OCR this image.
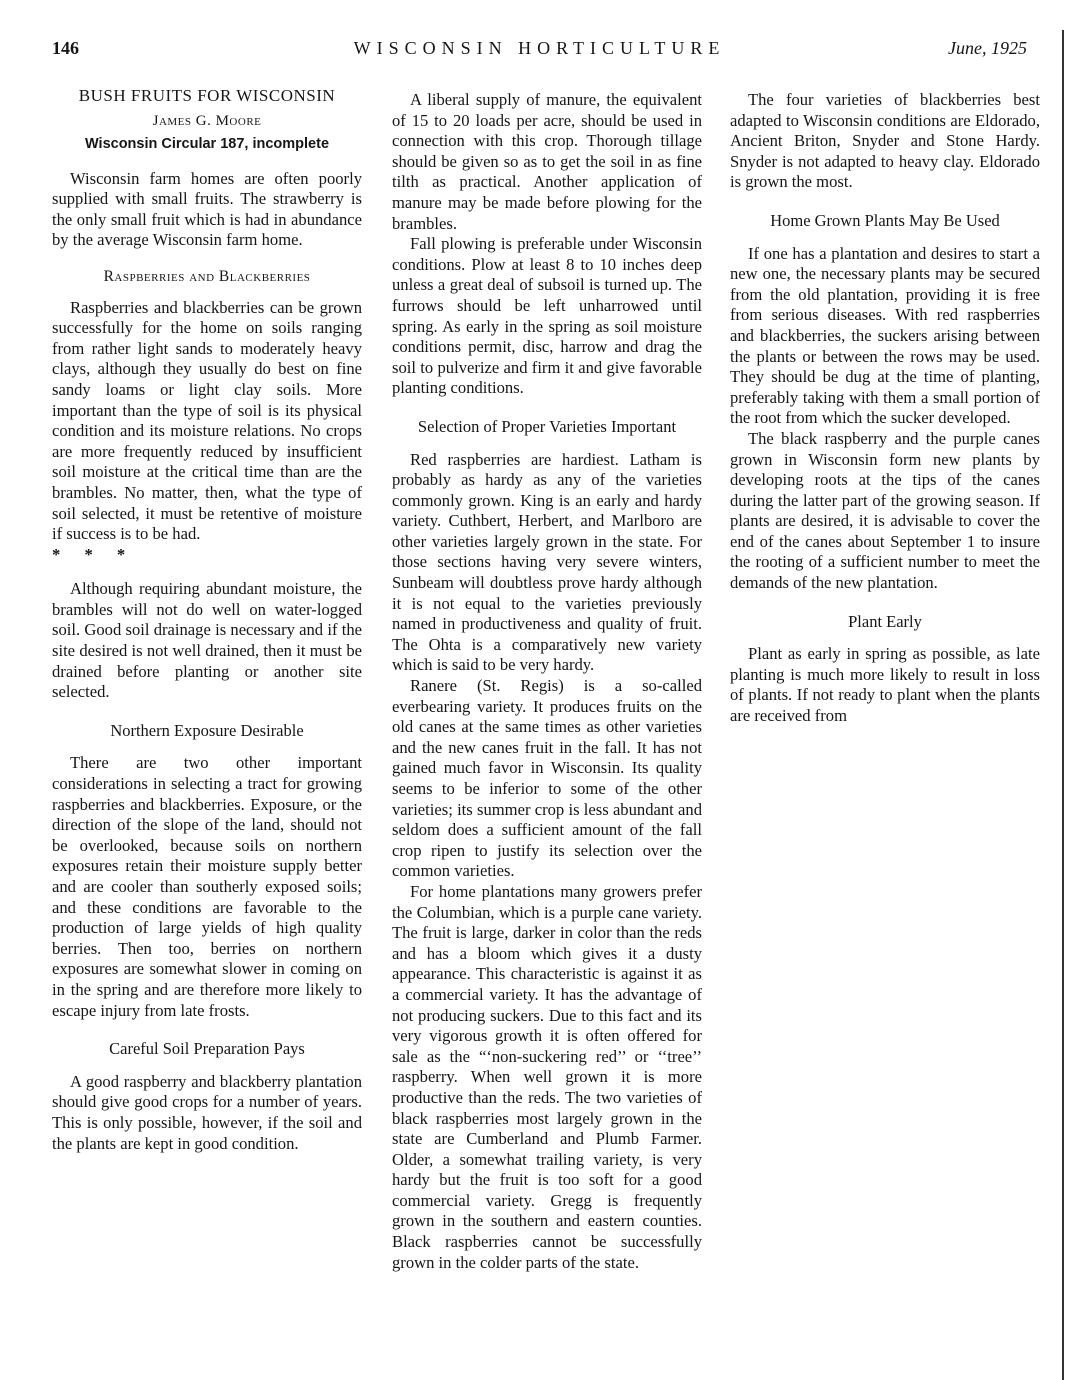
146	WISCONSIN HORTICULTURE	June, 1925
BUSH FRUITS FOR WISCONSIN
James G. Moore
Wisconsin Circular 187, incomplete

Wisconsin farm homes are often poorly supplied with small fruits. The strawberry is the only small fruit which is had in abundance by the average Wisconsin farm home.

Raspberries and Blackberries

Raspberries and blackberries can be grown successfully for the home on soils ranging from rather light sands to moderately heavy clays, although they usually do best on fine sandy loams or light clay soils. More important than the type of soil is its physical condition and its moisture relations. No crops are more frequently reduced by insufficient soil moisture at the critical time than are the brambles. No matter, then, what the type of soil selected, it must be retentive of moisture if success is to be had.

* * *

Although requiring abundant moisture, the brambles will not do well on water-logged soil. Good soil drainage is necessary and if the site desired is not well drained, then it must be drained before planting or another site selected.

Northern Exposure Desirable

There are two other important considerations in selecting a tract for growing raspberries and blackberries. Exposure, or the direction of the slope of the land, should not be overlooked, because soils on northern exposures retain their moisture supply better and are cooler than southerly exposed soils; and these conditions are favorable to the production of large yields of high quality berries. Then too, berries on northern exposures are somewhat slower in coming on in the spring and are therefore more likely to escape injury from late frosts.

Careful Soil Preparation Pays

A good raspberry and blackberry plantation should give good crops for a number of years. This is only possible, however, if the soil and the plants are kept in good condition.

A liberal supply of manure, the equivalent of 15 to 20 loads per acre, should be used in connection with this crop. Thorough tillage should be given so as to get the soil in as fine tilth as practical. Another application of manure may be made before plowing for the brambles.

Fall plowing is preferable under Wisconsin conditions. Plow at least 8 to 10 inches deep unless a great deal of subsoil is turned up. The furrows should be left unharrowed until spring. As early in the spring as soil moisture conditions permit, disc, harrow and drag the soil to pulverize and firm it and give favorable planting conditions.

Selection of Proper Varieties Important

Red raspberries are hardiest. Latham is probably as hardy as any of the varieties commonly grown. King is an early and hardy variety. Cuthbert, Herbert, and Marlboro are other varieties largely grown in the state. For those sections having very severe winters, Sunbeam will doubtless prove hardy although it is not equal to the varieties previously named in productiveness and quality of fruit. The Ohta is a comparatively new variety which is said to be very hardy.

Ranere (St. Regis) is a so-called everbearing variety. It produces fruits on the old canes at the same times as other varieties and the new canes fruit in the fall. It has not gained much favor in Wisconsin. Its quality seems to be inferior to some of the other varieties; its summer crop is less abundant and seldom does a sufficient amount of the fall crop ripen to justify its selection over the common varieties.

For home plantations many growers prefer the Columbian, which is a purple cane variety. The fruit is large, darker in color than the reds and has a bloom which gives it a dusty appearance. This characteristic is against it as a commercial variety. It has the advantage of not producing suckers. Due to this fact and its very vigorous growth it is often offered for sale as the “‘non-suckering red’’ or ‘‘tree’’ raspberry. When well grown it is more productive than the reds. The two varieties of black raspberries most largely grown in the state are Cumberland and Plumb Farmer. Older, a somewhat trailing variety, is very hardy but the fruit is too soft for a good commercial variety. Gregg is frequently grown in the southern and eastern counties. Black raspberries cannot be successfully grown in the colder parts of the state.

The four varieties of blackberries best adapted to Wisconsin conditions are Eldorado, Ancient Briton, Snyder and Stone Hardy. Snyder is not adapted to heavy clay. Eldorado is grown the most.

Home Grown Plants May Be Used

If one has a plantation and desires to start a new one, the necessary plants may be secured from the old plantation, providing it is free from serious diseases. With red raspberries and blackberries, the suckers arising between the plants or between the rows may be used. They should be dug at the time of planting, preferably taking with them a small portion of the root from which the sucker developed.

The black raspberry and the purple canes grown in Wisconsin form new plants by developing roots at the tips of the canes during the latter part of the growing season. If plants are desired, it is advisable to cover the end of the canes about September 1 to insure the rooting of a sufficient number to meet the demands of the new plantation.

Plant Early

Plant as early in spring as possible, as late planting is much more likely to result in loss of plants. If not ready to plant when the plants are received from
